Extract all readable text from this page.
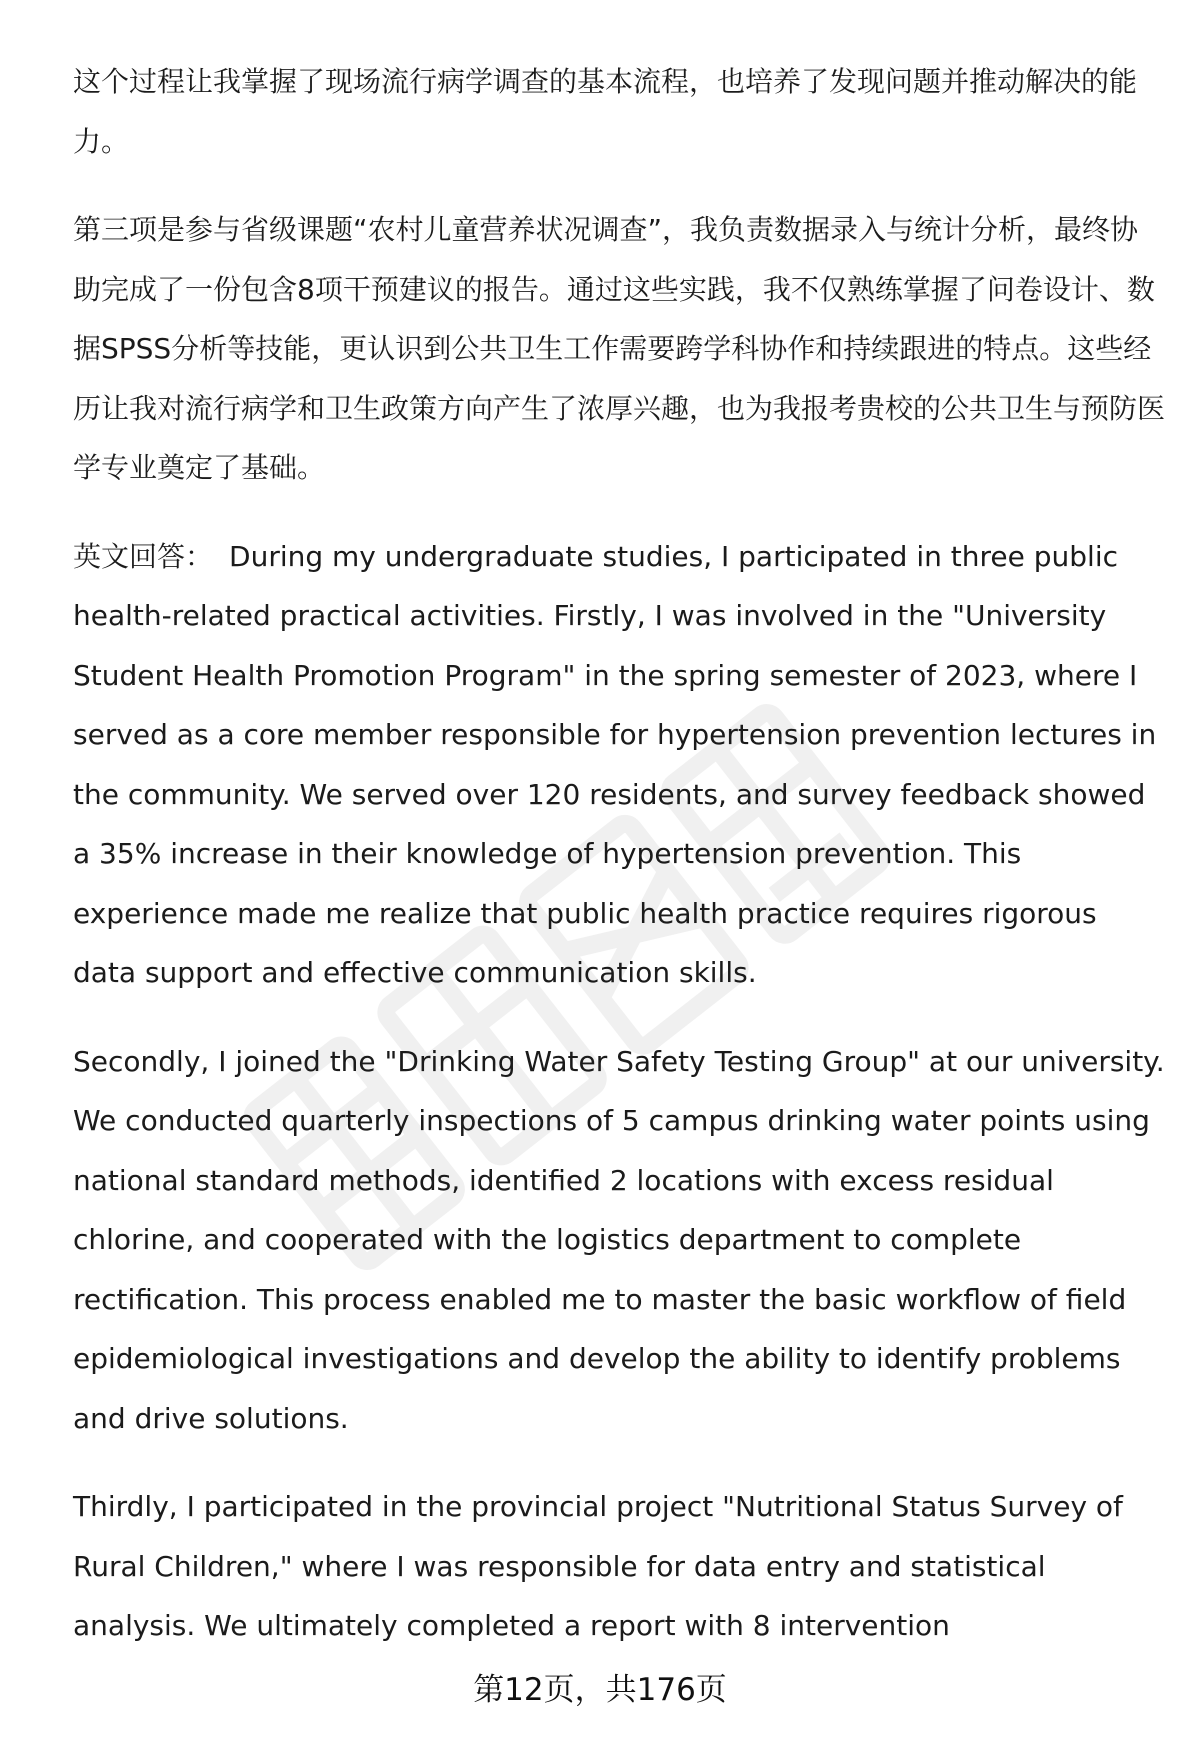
这个过程让我掌握了现场流行病学调查的基本流程，也培养了发现问题并推动解决的能力。

第三项是参与省级课题“农村儿童营养状况调查”，我负责数据录入与统计分析，最终协助完成了一份包含8项干预建议的报告。通过这些实践，我不仅熟练掌握了问卷设计、数据SPSS分析等技能，更认识到公共卫生工作需要跨学科协作和持续跟进的特点。这些经历让我对流行病学和卫生政策方向产生了浓厚兴趣，也为我报考贵校的公共卫生与预防医学专业奠定了基础。

英文回答： During my undergraduate studies, I participated in three public health-related practical activities. Firstly, I was involved in the "University Student Health Promotion Program" in the spring semester of 2023, where I served as a core member responsible for hypertension prevention lectures in the community. We served over 120 residents, and survey feedback showed a 35% increase in their knowledge of hypertension prevention. This experience made me realize that public health practice requires rigorous data support and effective communication skills.

Secondly, I joined the "Drinking Water Safety Testing Group" at our university. We conducted quarterly inspections of 5 campus drinking water points using national standard methods, identified 2 locations with excess residual chlorine, and cooperated with the logistics department to complete rectification. This process enabled me to master the basic workflow of field epidemiological investigations and develop the ability to identify problems and drive solutions.

Thirdly, I participated in the provincial project "Nutritional Status Survey of Rural Children," where I was responsible for data entry and statistical analysis. We ultimately completed a report with 8 intervention

第12页，共176页
